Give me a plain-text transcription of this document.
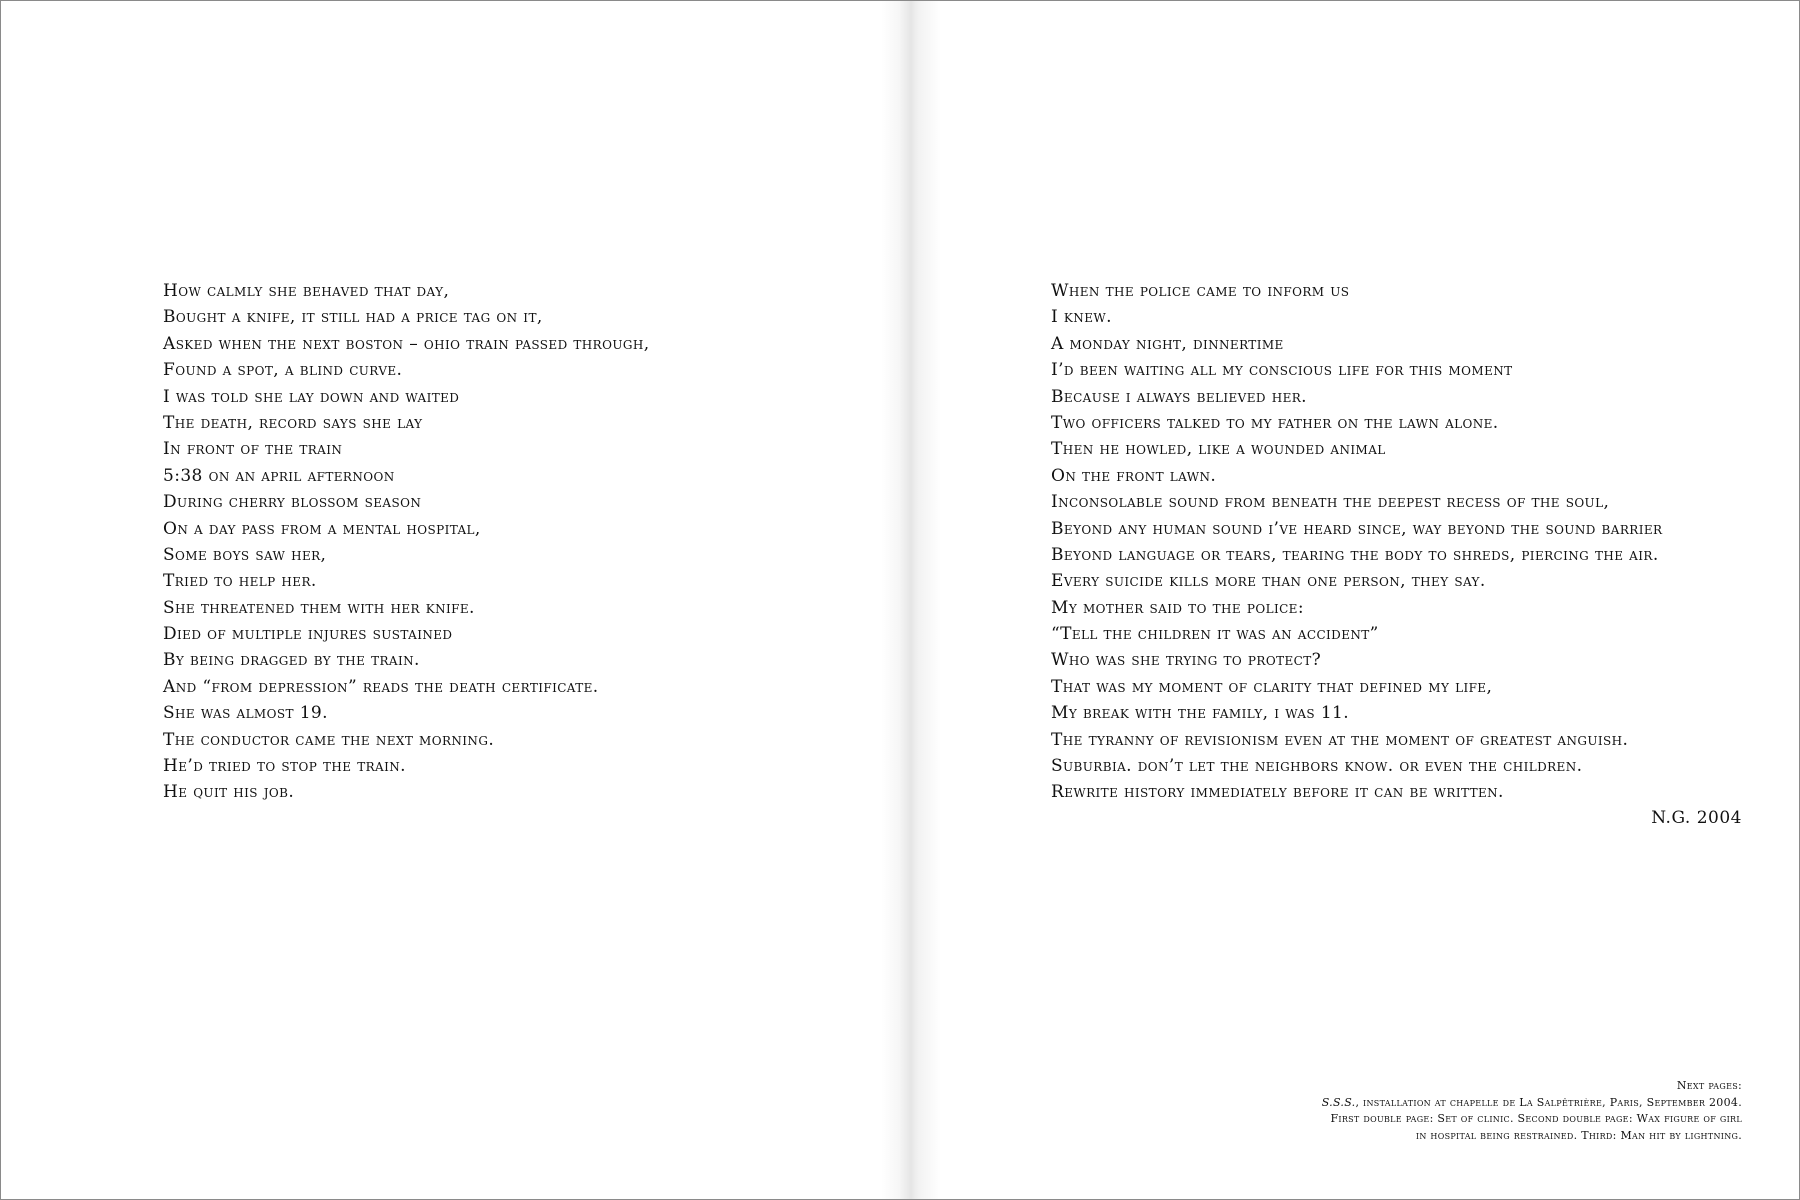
How calmly she behaved that day,
Bought a knife, it still had a price tag on it,
Asked when the next boston – ohio train passed through,
Found a spot, a blind curve.
I was told she lay down and waited
The death, record says she lay
In front of the train
5:38 on an april afternoon
During cherry blossom season
On a day pass from a mental hospital,
Some boys saw her,
Tried to help her.
She threatened them with her knife.
Died of multiple injures sustained
By being dragged by the train.
And “from depression” reads the death certificate.
She was almost 19.
The conductor came the next morning.
He’d tried to stop the train.
He quit his job.
When the police came to inform us
I knew.
A monday night, dinnertime
I’d been waiting all my conscious life for this moment
Because i always believed her.
Two officers talked to my father on the lawn alone.
Then he howled, like a wounded animal
On the front lawn.
Inconsolable sound from beneath the deepest recess of the soul,
Beyond any human sound i’ve heard since, way beyond the sound barrier
Beyond language or tears, tearing the body to shreds, piercing the air.
Every suicide kills more than one person, they say.
My mother said to the police:
“Tell the children it was an accident”
Who was she trying to protect?
That was my moment of clarity that defined my life,
My break with the family, i was 11.
The tyranny of revisionism even at the moment of greatest anguish.
Suburbia. don’t let the neighbors know. or even the children.
Rewrite history immediately before it can be written.
N.G. 2004
Next pages:
S.S.S., installation at chapelle de La Salpêtrière, Paris, September 2004.
First double page: Set of clinic. Second double page: Wax figure of girl
in hospital being restrained. Third: Man hit by lightning.
